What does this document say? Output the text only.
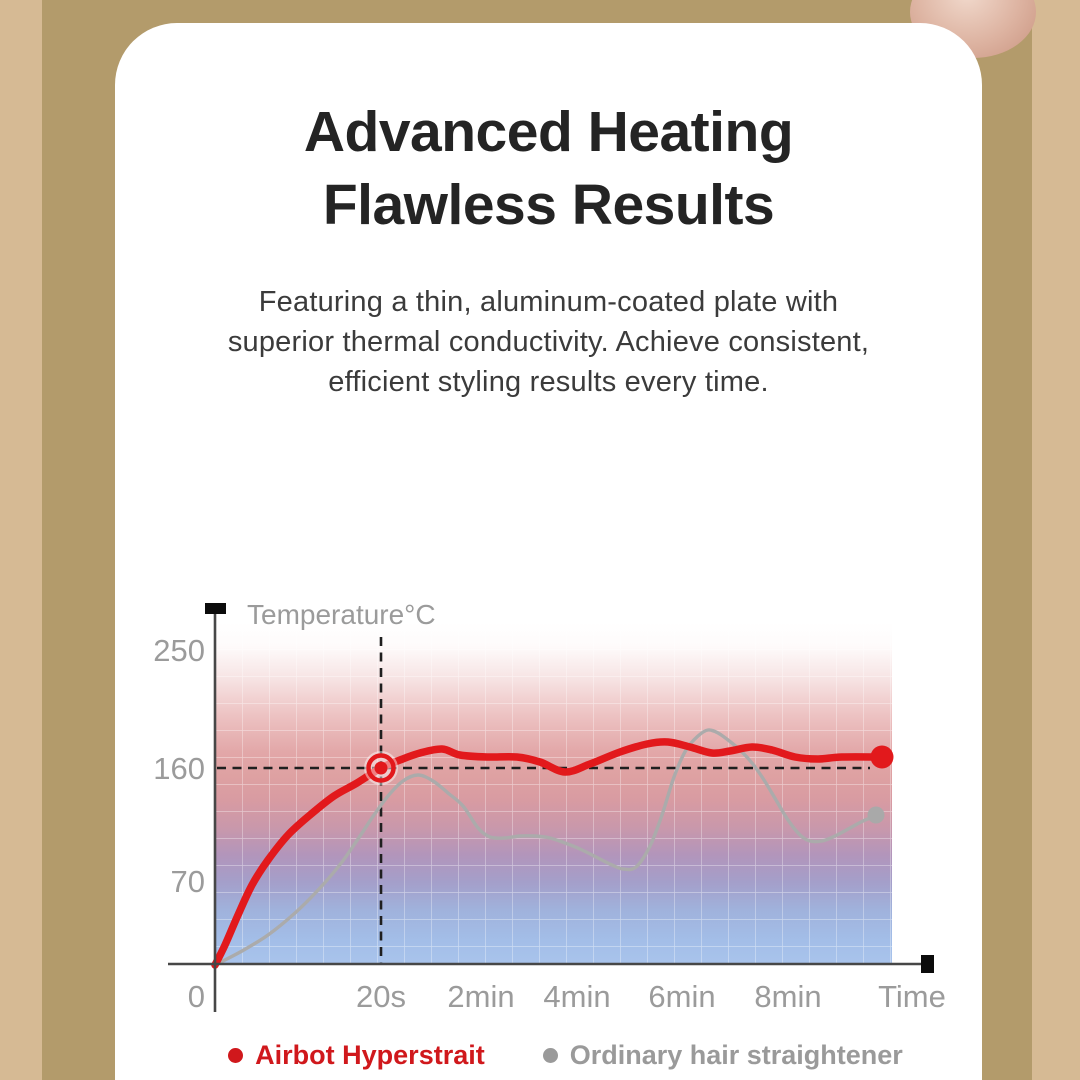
Advanced Heating
Flawless Results
Featuring a thin, aluminum-coated plate with
superior thermal conductivity. Achieve consistent,
efficient styling results every time.
Temperature°C
250
160
70
0	20s 2min 4min 6min 8min Time
Airbot Hyperstrait	Ordinary hair straightener
